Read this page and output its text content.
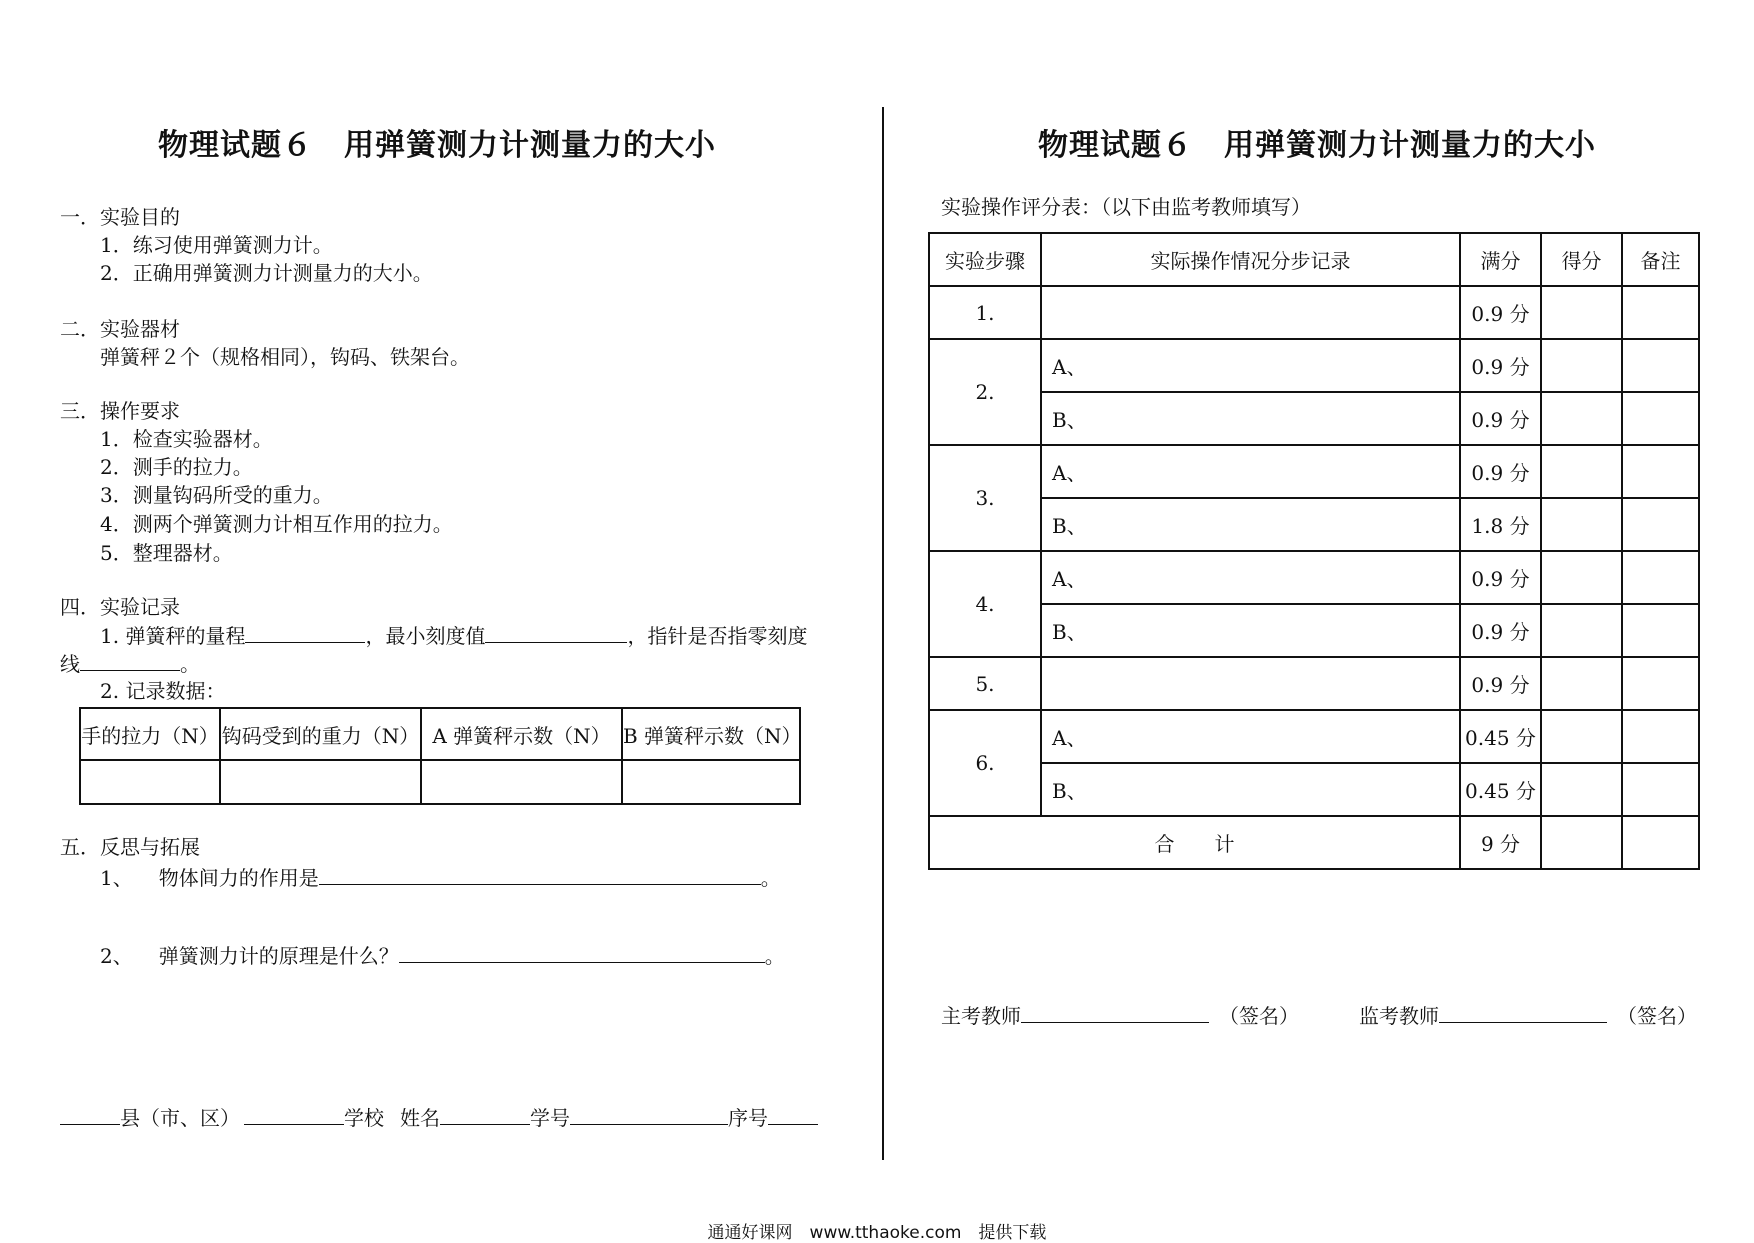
物理试题６　用弹簧测力计测量力的大小
一．实验目的
1．练习使用弹簧测力计。
2．正确用弹簧测力计测量力的大小。
二．实验器材
弹簧秤２个（规格相同），钩码、铁架台。
三．操作要求
1．检查实验器材。
2．测手的拉力。
3．测量钩码所受的重力。
4．测两个弹簧测力计相互作用的拉力。
5．整理器材。
四．实验记录
1. 弹簧秤的量程	，最小刻度值	，指针是否指零刻度
线	。
2. 记录数据：
手的拉力（N）	钩码受到的重力（N）	A 弹簧秤示数（N）	B 弹簧秤示数（N）

五．反思与拓展
1、 物体间力的作用是	。
2、 弹簧测力计的原理是什么？	。
县（市、区）	学校 姓名	学号	序号
物理试题６　用弹簧测力计测量力的大小
实验操作评分表：（以下由监考教师填写）
实验步骤	实际操作情况分步记录	满分	得分	备注
1.		0.9 分		
2.	A、	0.9 分		
	B、	0.9 分		
3.	A、	0.9 分		
	B、	1.8 分		
4.	A、	0.9 分		
	B、	0.9 分		
5.		0.9 分		
6.	A、	0.45 分		
	B、	0.45 分		
合　　计		9 分		
主考教师	（签名）	监考教师	（签名）
通通好课网　www.tthaoke.com　提供下载
